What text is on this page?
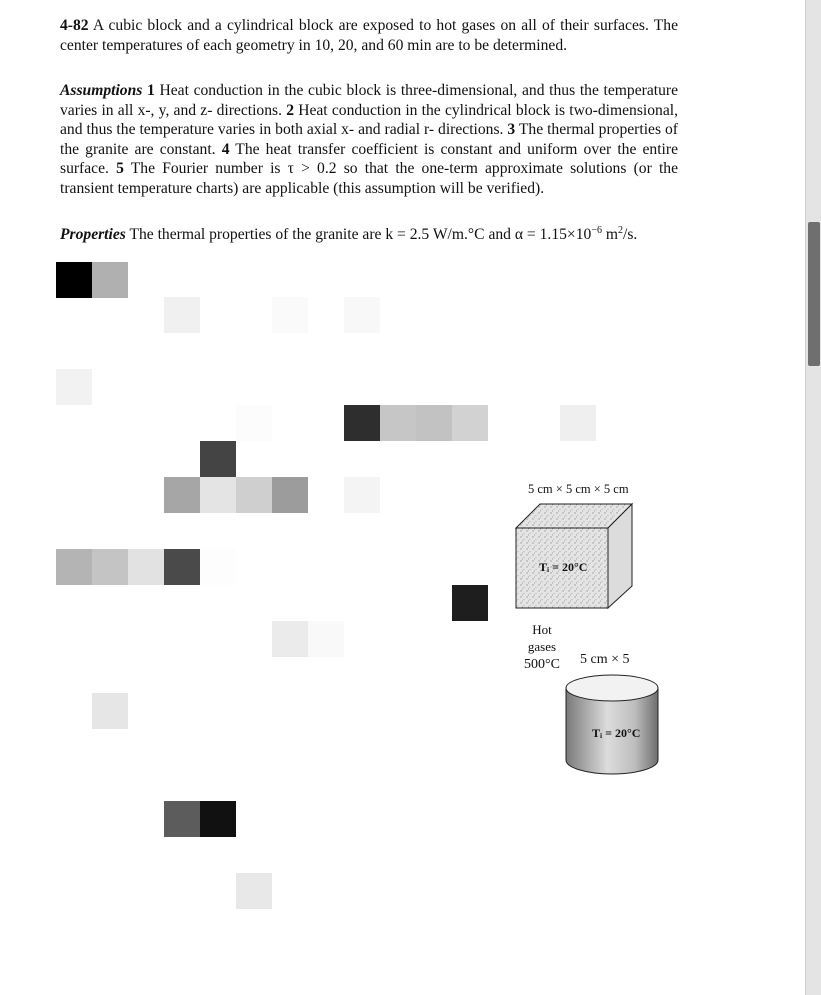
4-82 A cubic block and a cylindrical block are exposed to hot gases on all of their surfaces. The center temperatures of each geometry in 10, 20, and 60 min are to be determined.

Assumptions 1 Heat conduction in the cubic block is three-dimensional, and thus the temperature varies in all x-, y, and z- directions. 2 Heat conduction in the cylindrical block is two-dimensional, and thus the temperature varies in both axial x- and radial r- directions. 3 The thermal properties of the granite are constant. 4 The heat transfer coefficient is constant and uniform over the entire surface. 5 The Fourier number is τ > 0.2 so that the one-term approximate solutions (or the transient temperature charts) are applicable (this assumption will be verified).

Properties The thermal properties of the granite are k = 2.5 W/m.°C and $\alpha = 1.15\times 10^{-6}$ $m^2/s$.

5 cm × 5 cm × 5 cm
Tᵢ = 20°C
Hot
gases
500°C 5 cm × 5
Tᵢ = 20°C
